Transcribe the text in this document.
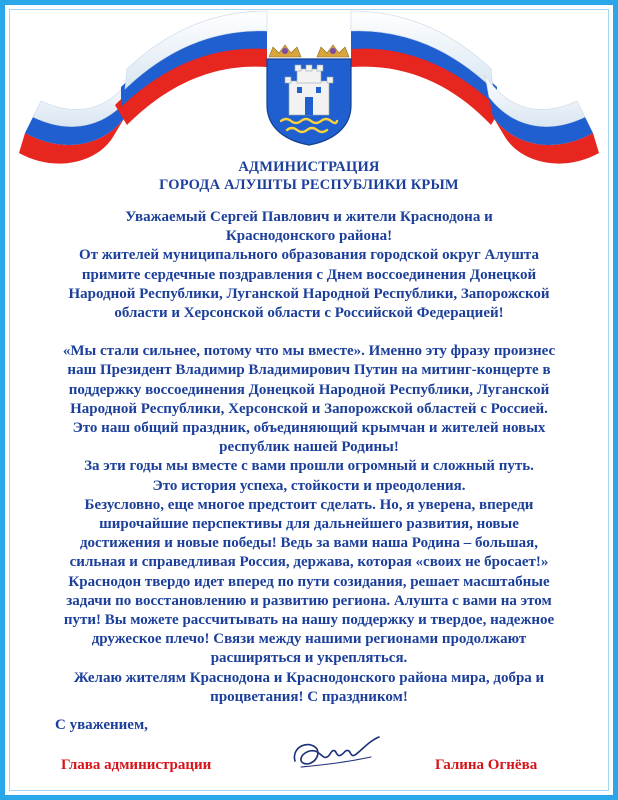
АДМИНИСТРАЦИЯ
ГОРОДА АЛУШТЫ РЕСПУБЛИКИ КРЫМ

Уважаемый Сергей Павлович и жители Краснодона и

Краснодонского района!

От жителей муниципального образования городской округ Алушта

примите сердечные поздравления с Днем воссоединения Донецкой

Народной Республики, Луганской Народной Республики, Запорожской

области и Херсонской области с Российской Федерацией!

«Мы стали сильнее, потому что мы вместе». Именно эту фразу произнес

наш Президент Владимир Владимирович Путин на митинг-концерте в

поддержку воссоединения Донецкой Народной Республики, Луганской

Народной Республики, Херсонской и Запорожской областей с Россией.

Это наш общий праздник, объединяющий крымчан и жителей новых

республик нашей Родины!

За эти годы мы вместе с вами прошли огромный и сложный путь.

Это история успеха, стойкости и преодоления.

Безусловно, еще многое предстоит сделать. Но, я уверена, впереди

широчайшие перспективы для дальнейшего развития, новые

достижения и новые победы! Ведь за вами наша Родина – большая,

сильная и справедливая Россия, держава, которая «своих не бросает!»

Краснодон твердо идет вперед по пути созидания, решает масштабные

задачи по восстановлению и развитию региона. Алушта с вами на этом

пути! Вы можете рассчитывать на нашу поддержку и твердое, надежное

дружеское плечо! Связи между нашими регионами продолжают

расширяться и укрепляться.

Желаю жителям Краснодона и Краснодонского района мира, добра и

процветания! С праздником!

С уважением,
Глава администрации	Галина Огнёва
